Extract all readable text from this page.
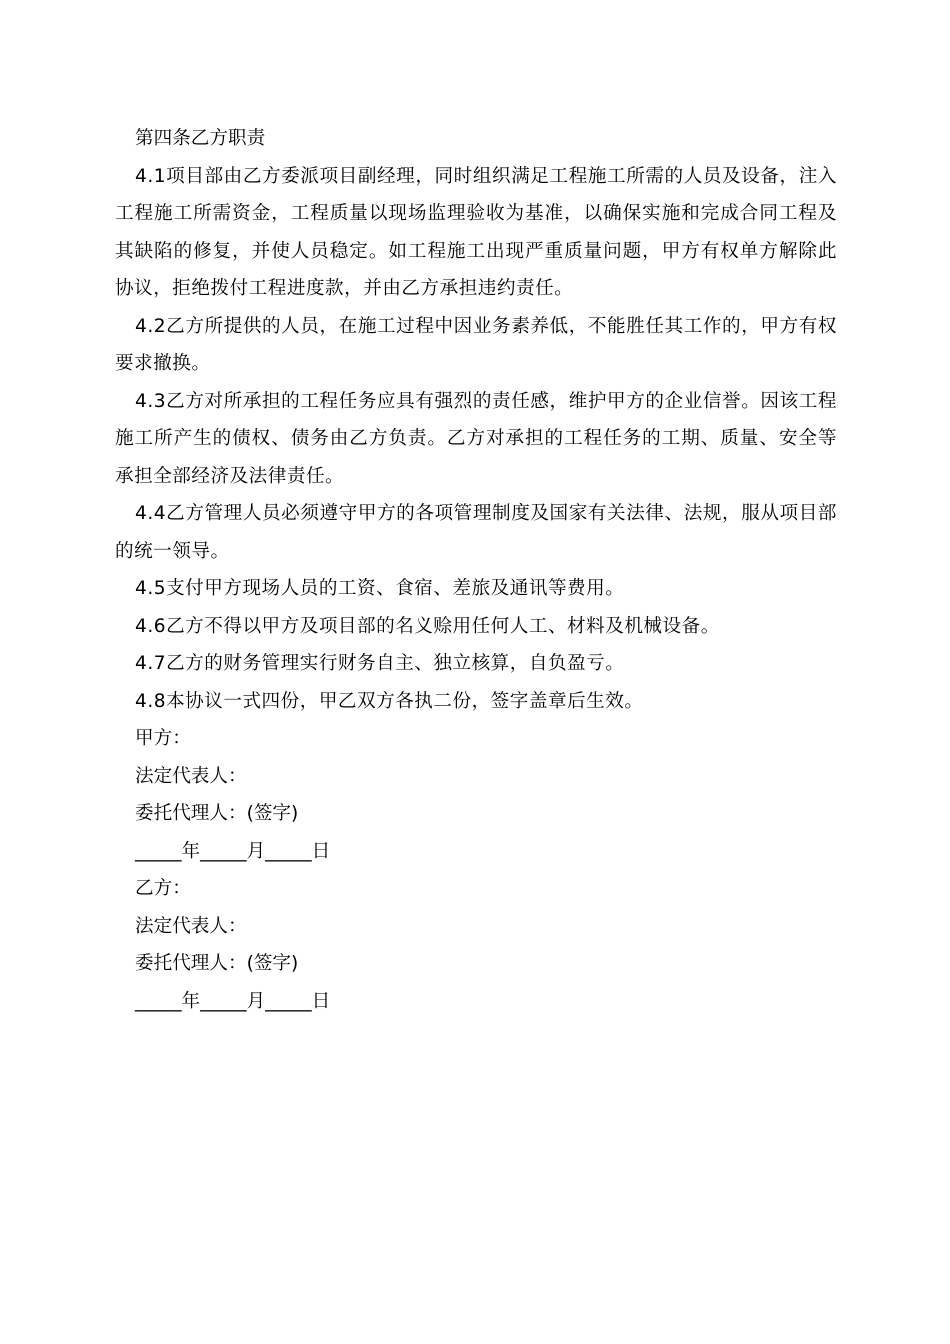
第四条乙方职责

4.1项目部由乙方委派项目副经理，同时组织满足工程施工所需的人员及设备，注入工程施工所需资金，工程质量以现场监理验收为基准，以确保实施和完成合同工程及其缺陷的修复，并使人员稳定。如工程施工出现严重质量问题，甲方有权单方解除此协议，拒绝拨付工程进度款，并由乙方承担违约责任。

4.2乙方所提供的人员，在施工过程中因业务素养低，不能胜任其工作的，甲方有权要求撤换。

4.3乙方对所承担的工程任务应具有强烈的责任感，维护甲方的企业信誉。因该工程施工所产生的债权、债务由乙方负责。乙方对承担的工程任务的工期、质量、安全等承担全部经济及法律责任。

4.4乙方管理人员必须遵守甲方的各项管理制度及国家有关法律、法规，服从项目部的统一领导。

4.5支付甲方现场人员的工资、食宿、差旅及通讯等费用。

4.6乙方不得以甲方及项目部的名义赊用任何人工、材料及机械设备。

4.7乙方的财务管理实行财务自主、独立核算，自负盈亏。

4.8本协议一式四份，甲乙双方各执二份，签字盖章后生效。

甲方：

法定代表人：

委托代理人：(签字)

_____年_____月_____日

乙方：

法定代表人：

委托代理人：(签字)

_____年_____月_____日
